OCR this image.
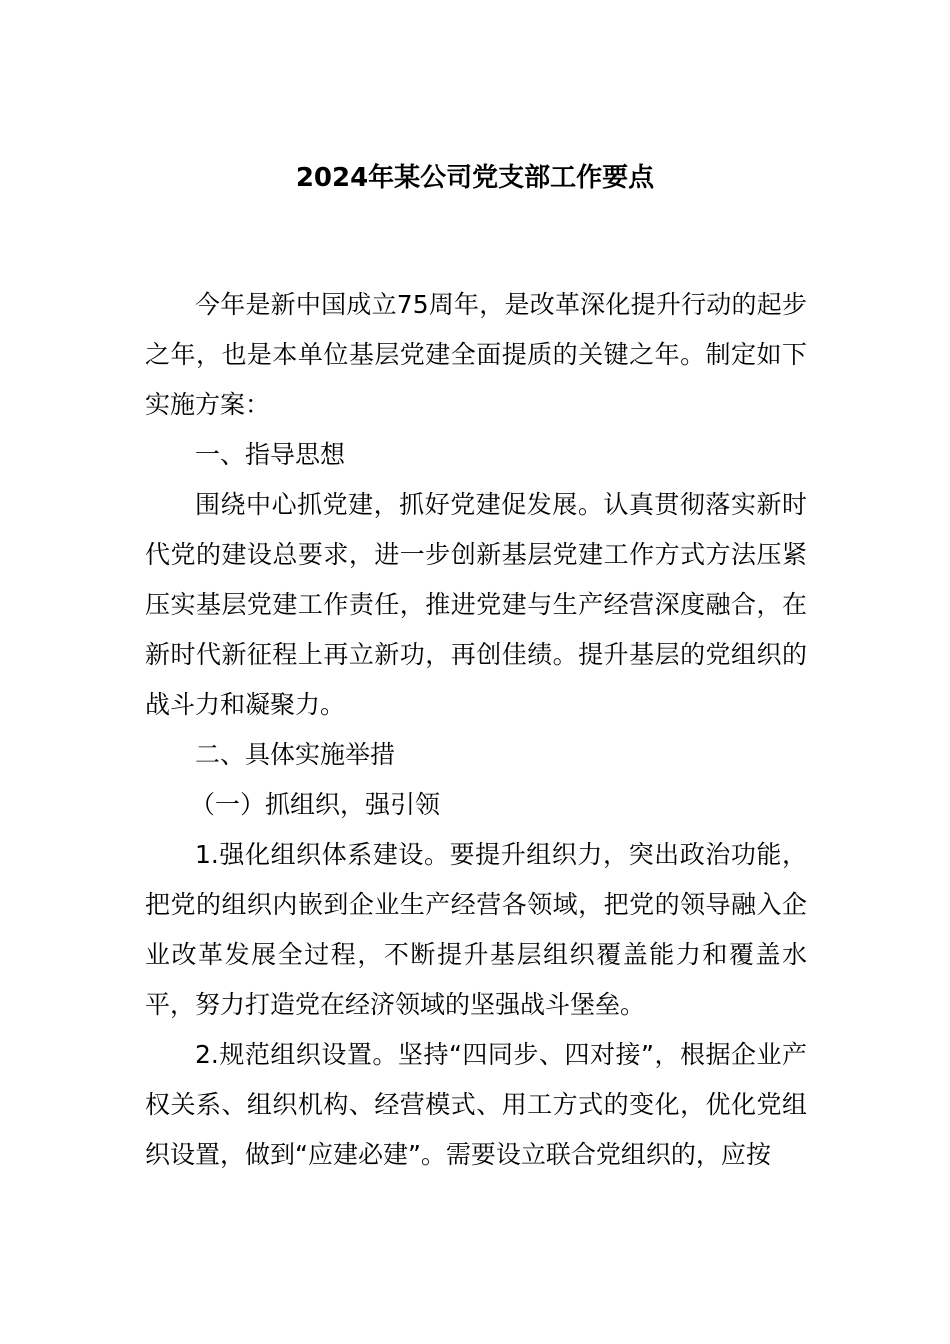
2024年某公司党支部工作要点

今年是新中国成立75周年，是改革深化提升行动的起步之年，也是本单位基层党建全面提质的关键之年。制定如下实施方案：

一、指导思想

围绕中心抓党建，抓好党建促发展。认真贯彻落实新时代党的建设总要求，进一步创新基层党建工作方式方法压紧压实基层党建工作责任，推进党建与生产经营深度融合，在新时代新征程上再立新功，再创佳绩。提升基层的党组织的战斗力和凝聚力。

二、具体实施举措

（一）抓组织，强引领

1.强化组织体系建设。要提升组织力，突出政治功能，把党的组织内嵌到企业生产经营各领域，把党的领导融入企业改革发展全过程，不断提升基层组织覆盖能力和覆盖水平，努力打造党在经济领域的坚强战斗堡垒。

2.规范组织设置。坚持“四同步、四对接”，根据企业产权关系、组织机构、经营模式、用工方式的变化，优化党组织设置，做到“应建必建”。需要设立联合党组织的，应按
